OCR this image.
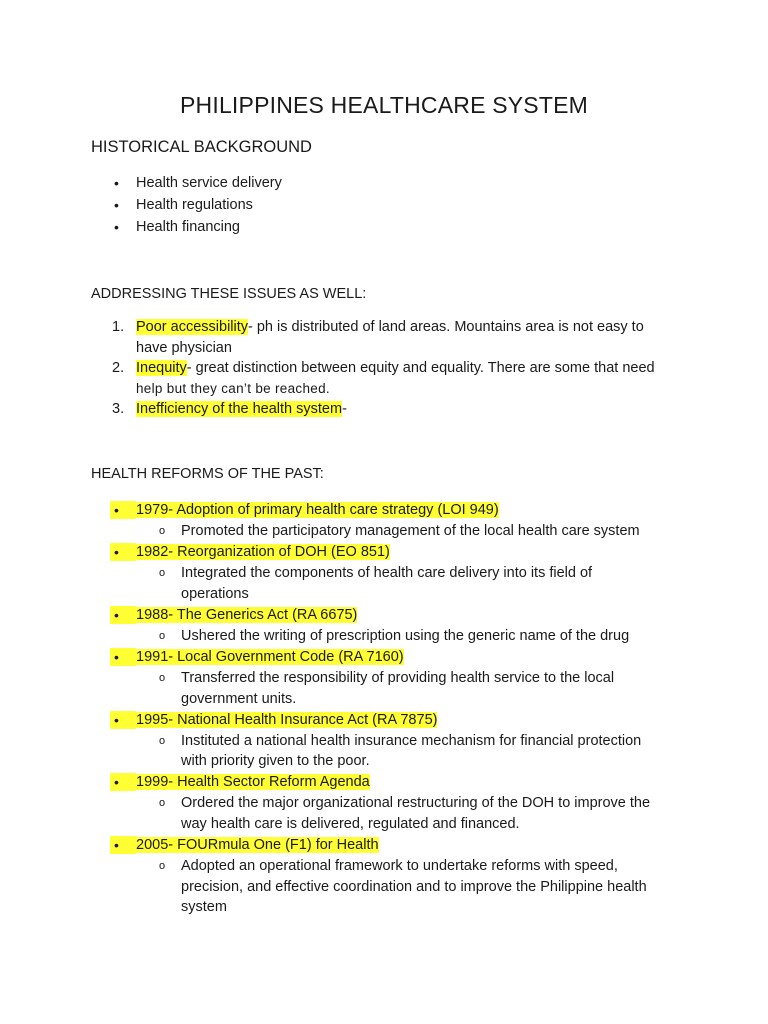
PHILIPPINES HEALTHCARE SYSTEM
HISTORICAL BACKGROUND
• Health service delivery
• Health regulations
• Health financing
ADDRESSING THESE ISSUES AS WELL:
1. Poor accessibility- ph is distributed of land areas. Mountains area is not easy to
have physician
2. Inequity- great distinction between equity and equality. There are some that need
help but they can’t be reached.
3. Inefficiency of the health system-
HEALTH REFORMS OF THE PAST:
•	1979- Adoption of primary health care strategy (LOI 949)
o Promoted the participatory management of the local health care system
•	1982- Reorganization of DOH (EO 851)
o Integrated the components of health care delivery into its field of
operations
•	1988- The Generics Act (RA 6675)
o Ushered the writing of prescription using the generic name of the drug
•	1991- Local Government Code (RA 7160)
o Transferred the responsibility of providing health service to the local
government units.
•	1995- National Health Insurance Act (RA 7875)
o Instituted a national health insurance mechanism for financial protection
with priority given to the poor.
•	1999- Health Sector Reform Agenda
o Ordered the major organizational restructuring of the DOH to improve the
way health care is delivered, regulated and financed.
•	2005- FOURmula One (F1) for Health
o Adopted an operational framework to undertake reforms with speed,
precision, and effective coordination and to improve the Philippine health
system
